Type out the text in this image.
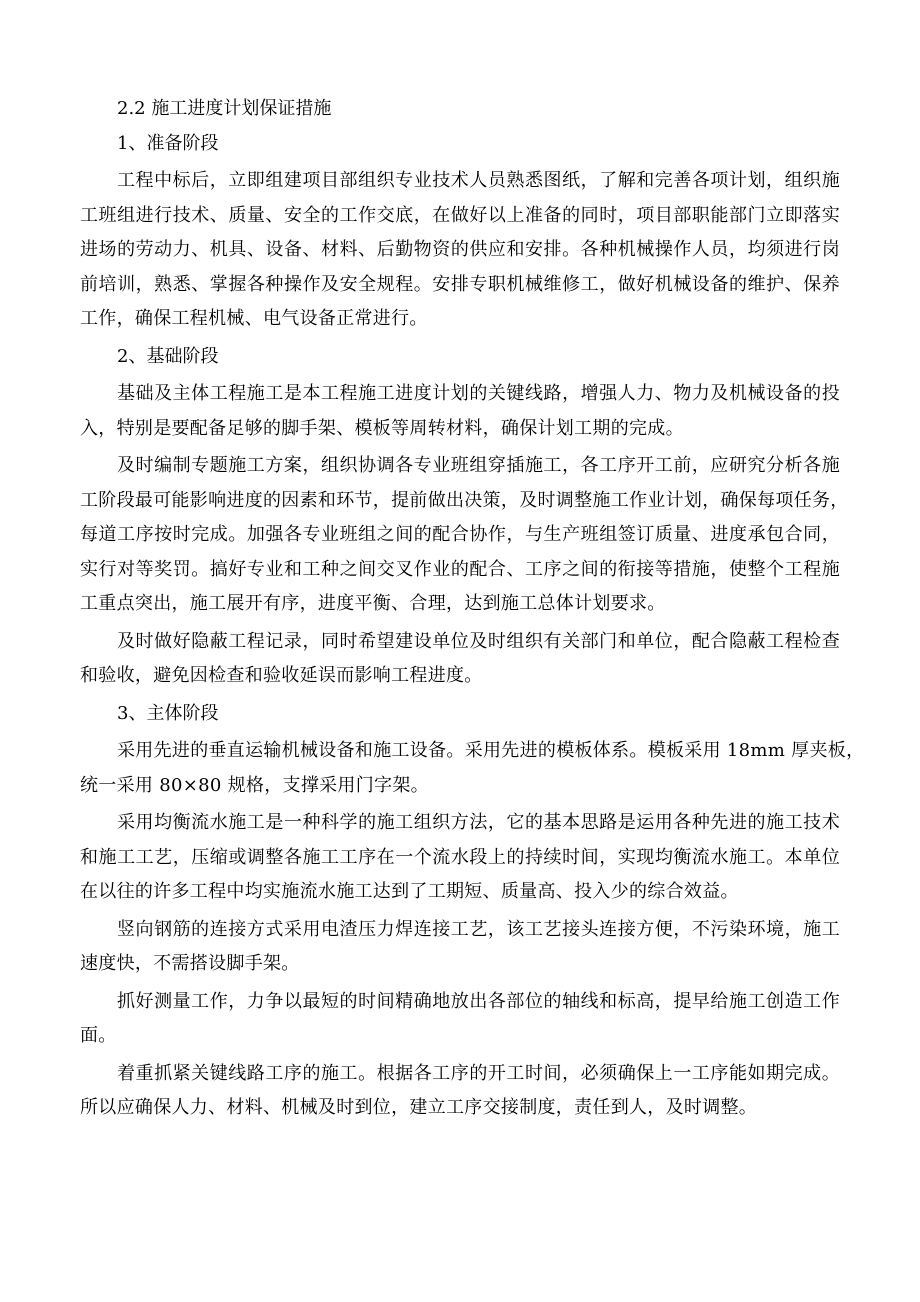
2.2 施工进度计划保证措施
1、准备阶段
工程中标后，立即组建项目部组织专业技术人员熟悉图纸，了解和完善各项计划，组织施
工班组进行技术、质量、安全的工作交底，在做好以上准备的同时，项目部职能部门立即落实
进场的劳动力、机具、设备、材料、后勤物资的供应和安排。各种机械操作人员，均须进行岗
前培训，熟悉、掌握各种操作及安全规程。安排专职机械维修工，做好机械设备的维护、保养
工作，确保工程机械、电气设备正常进行。
2、基础阶段
基础及主体工程施工是本工程施工进度计划的关键线路，增强人力、物力及机械设备的投
入，特别是要配备足够的脚手架、模板等周转材料，确保计划工期的完成。
及时编制专题施工方案，组织协调各专业班组穿插施工，各工序开工前，应研究分析各施
工阶段最可能影响进度的因素和环节，提前做出决策，及时调整施工作业计划，确保每项任务，
每道工序按时完成。加强各专业班组之间的配合协作，与生产班组签订质量、进度承包合同，
实行对等奖罚。搞好专业和工种之间交叉作业的配合、工序之间的衔接等措施，使整个工程施
工重点突出，施工展开有序，进度平衡、合理，达到施工总体计划要求。
及时做好隐蔽工程记录，同时希望建设单位及时组织有关部门和单位，配合隐蔽工程检查
和验收，避免因检查和验收延误而影响工程进度。
3、主体阶段
采用先进的垂直运输机械设备和施工设备。采用先进的模板体系。模板采用 18mm 厚夹板，
统一采用 80×80 规格，支撑采用门字架。
采用均衡流水施工是一种科学的施工组织方法，它的基本思路是运用各种先进的施工技术
和施工工艺，压缩或调整各施工工序在一个流水段上的持续时间，实现均衡流水施工。本单位
在以往的许多工程中均实施流水施工达到了工期短、质量高、投入少的综合效益。
竖向钢筋的连接方式采用电渣压力焊连接工艺，该工艺接头连接方便，不污染环境，施工
速度快，不需搭设脚手架。
抓好测量工作，力争以最短的时间精确地放出各部位的轴线和标高，提早给施工创造工作
面。
着重抓紧关键线路工序的施工。根据各工序的开工时间，必须确保上一工序能如期完成。
所以应确保人力、材料、机械及时到位，建立工序交接制度，责任到人，及时调整。
